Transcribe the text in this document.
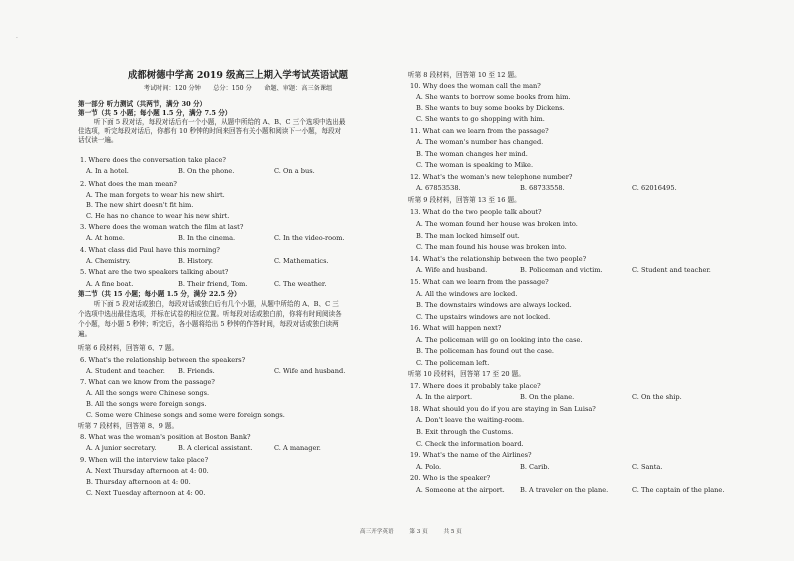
·
成都树德中学高 2019 级高三上期入学考试英语试题
考试时间：120 分钟　　总分：150 分　　命题、审题：高三备课组
第一部分 听力测试（共两节，满分 30 分）
第一节（共 5 小题；每小题 1.5 分，满分 7.5 分）
听下面 5 段对话，每段对话后有一个小题，从题中所给的 A、B、C 三个选项中选出最
佳选项，听完每段对话后，你都有 10 秒钟的时间来回答有关小题和阅读下一小题，每段对
话仅读一遍。
1. Where does the conversation take place?
A. In a hotel.	B. On the phone.	C. On a bus.
2. What does the man mean?
A. The man forgets to wear his new shirt.
B. The new shirt doesn't fit him.
C. He has no chance to wear his new shirt.
3. Where does the woman watch the film at last?
A. At home.	B. In the cinema.	C. In the video-room.
4. What class did Paul have this morning?
A. Chemistry.	B. History.	C. Mathematics.
5. What are the two speakers talking about?
A. A fine boat.	B. Their friend, Tom.	C. The weather.
第二节（共 15 小题；每小题 1.5 分，满分 22.5 分）
听下面 5 段对话或独白，每段对话或独白后有几个小题，从题中所给的 A、B、C 三
个选项中选出最佳选项，并标在试卷的相应位置。听每段对话或独白前，你将有时间阅读各
个小题，每小题 5 秒钟；听完后，各小题将给出 5 秒钟的作答时间，每段对话或独白读两
遍。
听第 6 段材料，回答第 6、7 题。
6. What's the relationship between the speakers?
A. Student and teacher. B. Friends.	C. Wife and husband.
7. What can we know from the passage?
A. All the songs were Chinese songs.
B. All the songs were foreign songs.
C. Some were Chinese songs and some were foreign songs.
听第 7 段材料，回答第 8、9 题。
8. What was the woman's position at Boston Bank?
A. A junior secretary.	B. A clerical assistant.	C. A manager.
9. When will the interview take place?
A. Next Thursday afternoon at 4: 00.
B. Thursday afternoon at 4: 00.
C. Next Tuesday afternoon at 4: 00.
听第 8 段材料，回答第 10 至 12 题。
10. Why does the woman call the man?
A. She wants to borrow some books from him.
B. She wants to buy some books by Dickens.
C. She wants to go shopping with him.
11. What can we learn from the passage?
A. The woman's number has changed.
B. The woman changes her mind.
C. The woman is speaking to Mike.
12. What's the woman's new telephone number?
A. 67853538.	B. 68733558.	C. 62016495.
听第 9 段材料，回答第 13 至 16 题。
13. What do the two people talk about?
A. The woman found her house was broken into.
B. The man locked himself out.
C. The man found his house was broken into.
14. What's the relationship between the two people?
A. Wife and husband.	B. Policeman and victim.	C. Student and teacher.
15. What can we learn from the passage?
A. All the windows are locked.
B. The downstairs windows are always locked.
C. The upstairs windows are not locked.
16. What will happen next?
A. The policeman will go on looking into the case.
B. The policeman has found out the case.
C. The policeman left.
听第 10 段材料，回答第 17 至 20 题。
17. Where does it probably take place?
A. In the airport.	B. On the plane.	C. On the ship.
18. What should you do if you are staying in San Luisa?
A. Don't leave the waiting-room.
B. Exit through the Customs.
C. Check the information board.
19. What's the name of the Airlines?
A. Polo.	B. Carib.	C. Santa.
20. Who is the speaker?
A. Someone at the airport. B. A traveler on the plane.	C. The captain of the plane.
高三开学英语	第 3 页	共 5 页
